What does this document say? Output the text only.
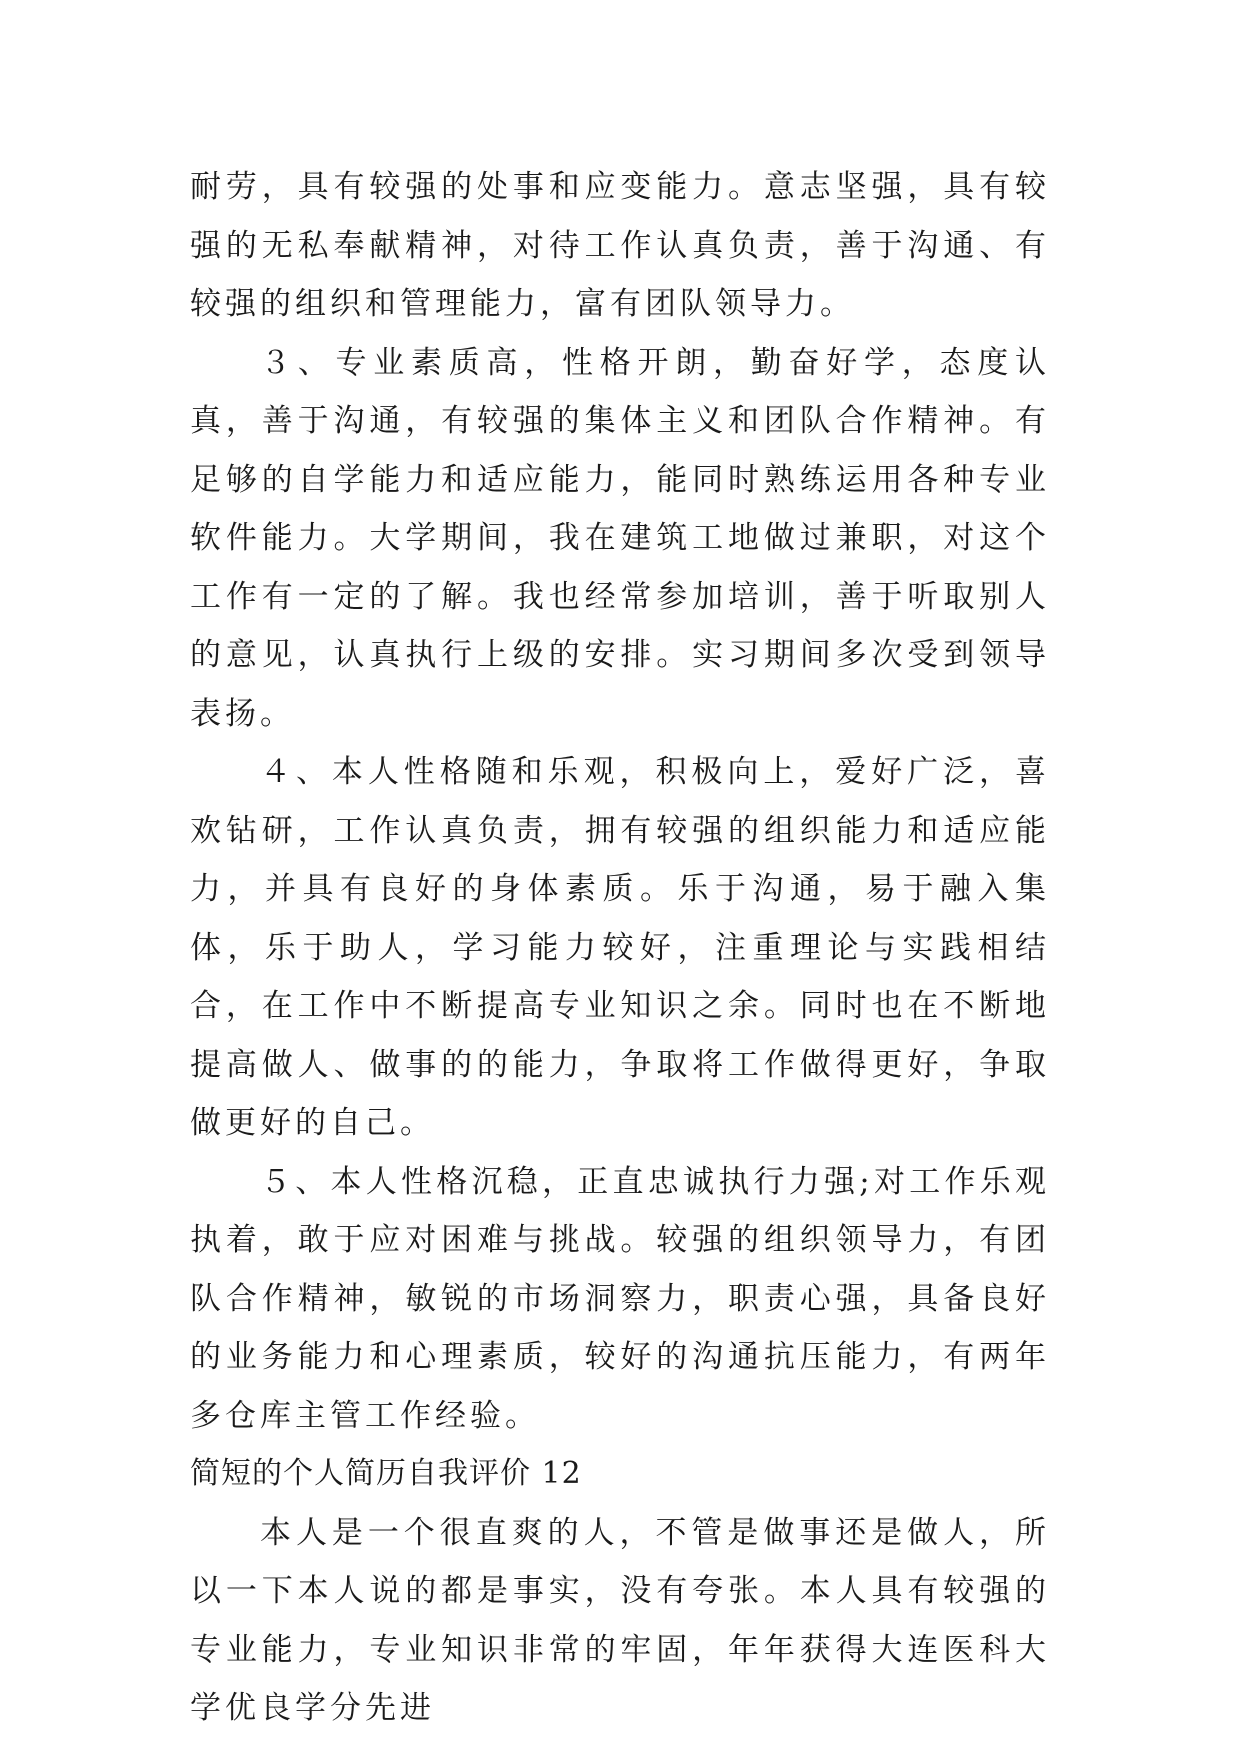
耐劳，具有较强的处事和应变能力。意志坚强，具有较强的无私奉献精神，对待工作认真负责，善于沟通、有较强的组织和管理能力，富有团队领导力。

３、专业素质高，性格开朗，勤奋好学，态度认真，善于沟通，有较强的集体主义和团队合作精神。有足够的自学能力和适应能力，能同时熟练运用各种专业软件能力。大学期间，我在建筑工地做过兼职，对这个工作有一定的了解。我也经常参加培训，善于听取别人的意见，认真执行上级的安排。实习期间多次受到领导表扬。

４、本人性格随和乐观，积极向上，爱好广泛，喜欢钻研，工作认真负责，拥有较强的组织能力和适应能力，并具有良好的身体素质。乐于沟通，易于融入集体，乐于助人，学习能力较好，注重理论与实践相结合，在工作中不断提高专业知识之余。同时也在不断地提高做人、做事的的能力，争取将工作做得更好，争取做更好的自己。

５、本人性格沉稳，正直忠诚执行力强;对工作乐观执着，敢于应对困难与挑战。较强的组织领导力，有团队合作精神，敏锐的市场洞察力，职责心强，具备良好的业务能力和心理素质，较好的沟通抗压能力，有两年多仓库主管工作经验。

简短的个人简历自我评价 12

本人是一个很直爽的人，不管是做事还是做人，所以一下本人说的都是事实，没有夸张。本人具有较强的专业能力，专业知识非常的牢固，年年获得大连医科大学优良学分先进
